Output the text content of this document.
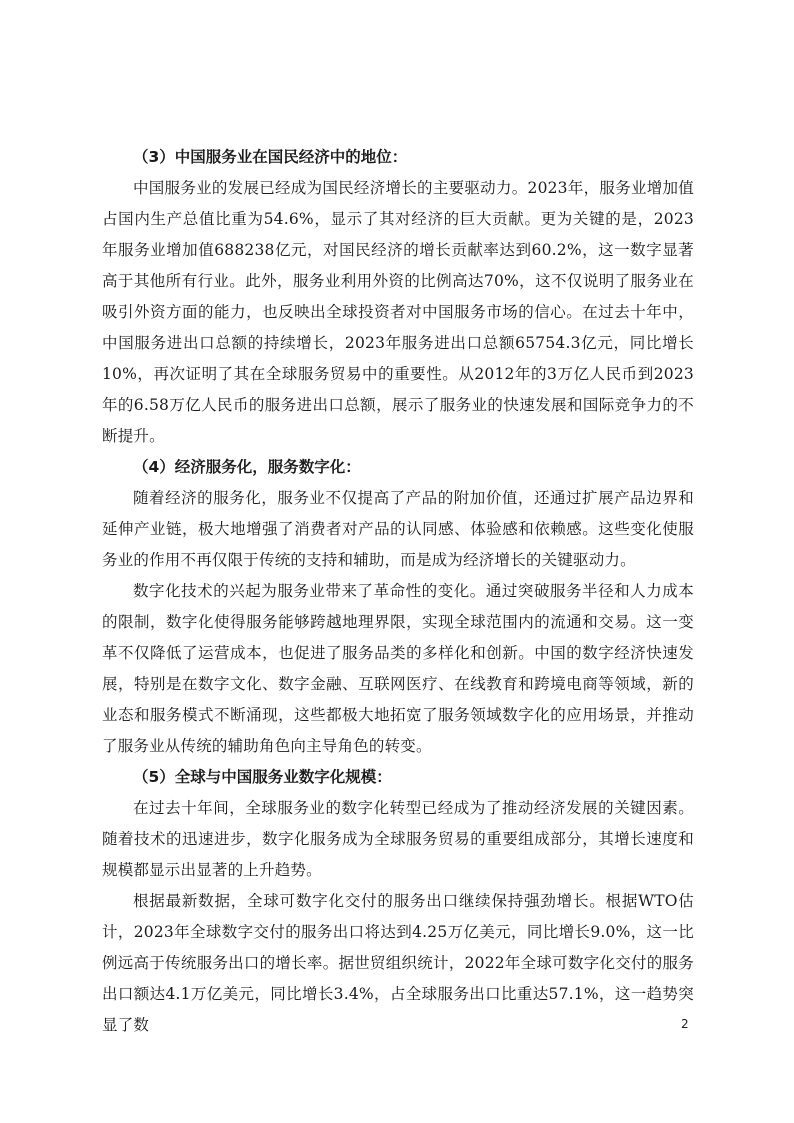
（3）中国服务业在国民经济中的地位：

中国服务业的发展已经成为国民经济增长的主要驱动力。2023年，服务业增加值占国内生产总值比重为54.6%，显示了其对经济的巨大贡献。更为关键的是，2023年服务业增加值688238亿元，对国民经济的增长贡献率达到60.2%，这一数字显著高于其他所有行业。此外，服务业利用外资的比例高达70%，这不仅说明了服务业在吸引外资方面的能力，也反映出全球投资者对中国服务市场的信心。在过去十年中，中国服务进出口总额的持续增长，2023年服务进出口总额65754.3亿元，同比增长10%，再次证明了其在全球服务贸易中的重要性。从2012年的3万亿人民币到2023年的6.58万亿人民币的服务进出口总额，展示了服务业的快速发展和国际竞争力的不断提升。

（4）经济服务化，服务数字化：

随着经济的服务化，服务业不仅提高了产品的附加价值，还通过扩展产品边界和延伸产业链，极大地增强了消费者对产品的认同感、体验感和依赖感。这些变化使服务业的作用不再仅限于传统的支持和辅助，而是成为经济增长的关键驱动力。

数字化技术的兴起为服务业带来了革命性的变化。通过突破服务半径和人力成本的限制，数字化使得服务能够跨越地理界限，实现全球范围内的流通和交易。这一变革不仅降低了运营成本，也促进了服务品类的多样化和创新。中国的数字经济快速发展，特别是在数字文化、数字金融、互联网医疗、在线教育和跨境电商等领域，新的业态和服务模式不断涌现，这些都极大地拓宽了服务领域数字化的应用场景，并推动了服务业从传统的辅助角色向主导角色的转变。

（5）全球与中国服务业数字化规模：

在过去十年间，全球服务业的数字化转型已经成为了推动经济发展的关键因素。随着技术的迅速进步，数字化服务成为全球服务贸易的重要组成部分，其增长速度和规模都显示出显著的上升趋势。

根据最新数据，全球可数字化交付的服务出口继续保持强劲增长。根据WTO估计，2023年全球数字交付的服务出口将达到4.25万亿美元，同比增长9.0%，这一比例远高于传统服务出口的增长率。据世贸组织统计，2022年全球可数字化交付的服务出口额达4.1万亿美元，同比增长3.4%，占全球服务出口比重达57.1%，这一趋势突显了数	2
